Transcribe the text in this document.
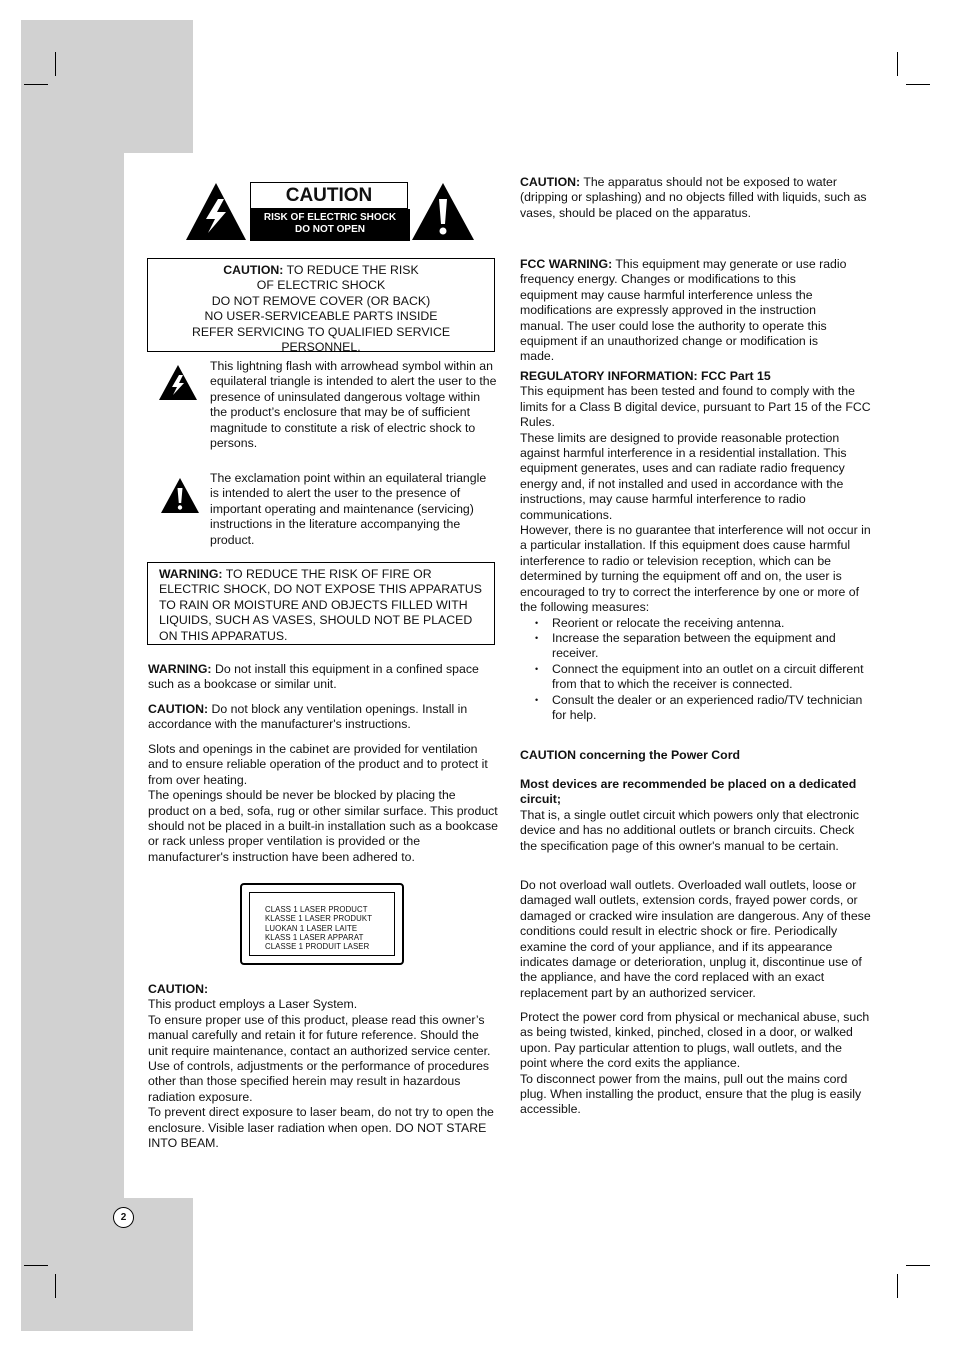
CAUTION
RISK OF ELECTRIC SHOCK
DO NOT OPEN

CAUTION: TO REDUCE THE RISK

OF ELECTRIC SHOCK

DO NOT REMOVE COVER (OR BACK)

NO USER-SERVICEABLE PARTS INSIDE

REFER SERVICING TO QUALIFIED SERVICE

PERSONNEL.

This lightning flash with arrowhead symbol within an equilateral triangle is intended to alert the user to the presence of uninsulated dangerous voltage within the product’s enclosure that may be of sufficient magnitude to constitute a risk of electric shock to persons.
The exclamation point within an equilateral triangle is intended to alert the user to the presence of important operating and maintenance (servicing) instructions in the literature accompanying the product.

WARNING: TO REDUCE THE RISK OF FIRE OR ELECTRIC SHOCK, DO NOT EXPOSE THIS APPARATUS TO RAIN OR MOISTURE AND OBJECTS FILLED WITH LIQUIDS, SUCH AS VASES, SHOULD NOT BE PLACED ON THIS APPARATUS.

WARNING: Do not install this equipment in a confined space such as a bookcase or similar unit.

CAUTION: Do not block any ventilation openings. Install in accordance with the manufacturer's instructions.

Slots and openings in the cabinet are provided for ventilation and to ensure reliable operation of the product and to protect it from over heating.

The openings should be never be blocked by placing the product on a bed, sofa, rug or other similar surface. This product should not be placed in a built-in installation such as a bookcase or rack unless proper ventilation is provided or the manufacturer's instruction have been adhered to.

CLASS 1 LASER PRODUCT
KLASSE 1 LASER PRODUKT
LUOKAN 1 LASER LAITE
KLASS 1 LASER APPARAT
CLASSE 1 PRODUIT LASER

CAUTION:

This product employs a Laser System.

To ensure proper use of this product, please read this owner’s manual carefully and retain it for future reference. Should the unit require maintenance, contact an authorized service center.

Use of controls, adjustments or the performance of procedures other than those specified herein may result in hazardous radiation exposure.

To prevent direct exposure to laser beam, do not try to open the enclosure. Visible laser radiation when open. DO NOT STARE INTO BEAM.

CAUTION: The apparatus should not be exposed to water (dripping or splashing) and no objects filled with liquids, such as vases, should be placed on the apparatus.

FCC WARNING: This equipment may generate or use radio frequency energy. Changes or modifications to this equipment may cause harmful interference unless the modifications are expressly approved in the instruction manual. The user could lose the authority to operate this equipment if an unauthorized change or modification is made.

REGULATORY INFORMATION: FCC Part 15

This equipment has been tested and found to comply with the limits for a Class B digital device, pursuant to Part 15 of the FCC Rules.

These limits are designed to provide reasonable protection against harmful interference in a residential installation. This equipment generates, uses and can radiate radio frequency energy and, if not installed and used in accordance with the instructions, may cause harmful interference to radio communications.

However, there is no guarantee that interference will not occur in a particular installation. If this equipment does cause harmful interference to radio or television reception, which can be determined by turning the equipment off and on, the user is encouraged to try to correct the interference by one or more of the following measures:

• Reorient or relocate the receiving antenna.
• Increase the separation between the equipment and receiver.
• Connect the equipment into an outlet on a circuit different from that to which the receiver is connected.
• Consult the dealer or an experienced radio/TV technician for help.

CAUTION concerning the Power Cord

Most devices are recommended be placed on a dedicated circuit;

That is, a single outlet circuit which powers only that electronic device and has no additional outlets or branch circuits. Check the specification page of this owner's manual to be certain.

Do not overload wall outlets. Overloaded wall outlets, loose or damaged wall outlets, extension cords, frayed power cords, or damaged or cracked wire insulation are dangerous. Any of these conditions could result in electric shock or fire. Periodically examine the cord of your appliance, and if its appearance indicates damage or deterioration, unplug it, discontinue use of the appliance, and have the cord replaced with an exact replacement part by an authorized servicer.

Protect the power cord from physical or mechanical abuse, such as being twisted, kinked, pinched, closed in a door, or walked upon. Pay particular attention to plugs, wall outlets, and the point where the cord exits the appliance.

To disconnect power from the mains, pull out the mains cord plug. When installing the product, ensure that the plug is easily accessible.

2
